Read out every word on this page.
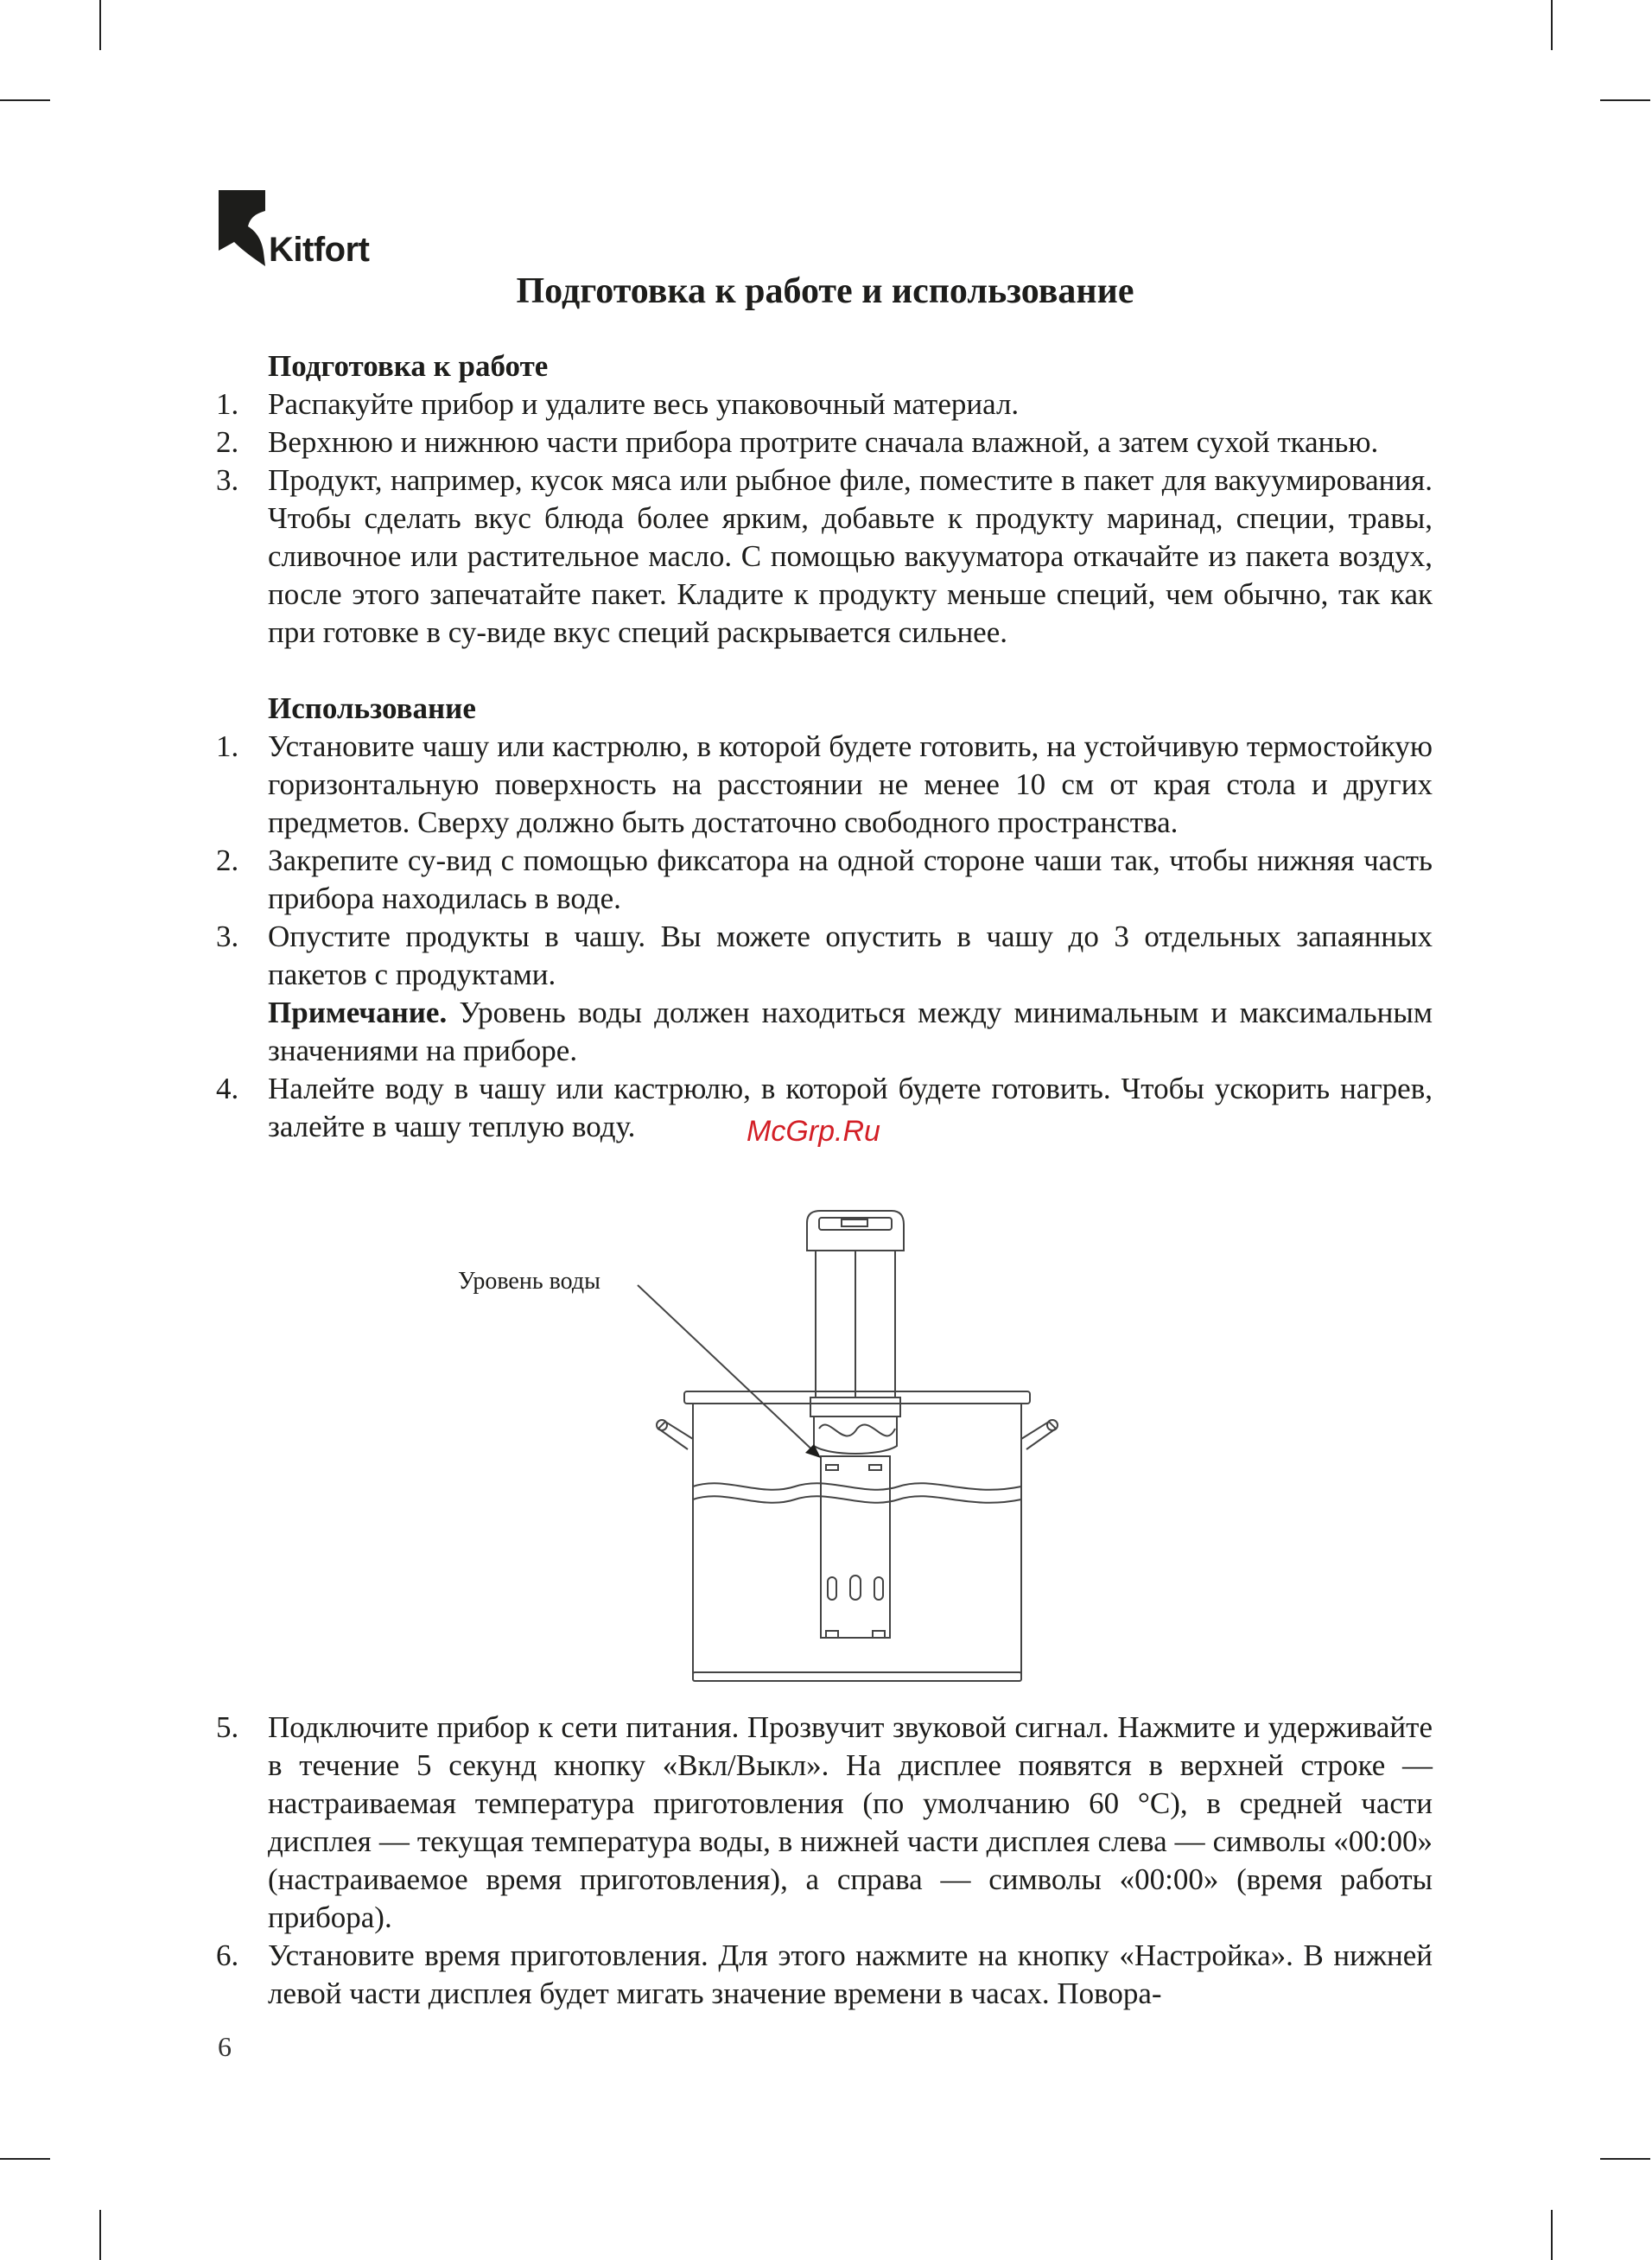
Kitfort
Подготовка к работе и использование
Подготовка к работе
1. Распакуйте прибор и удалите весь упаковочный материал.
2. Верхнюю и нижнюю части прибора протрите сначала влажной, а затем сухой тканью.
3. Продукт, например, кусок мяса или рыбное филе, поместите в пакет для вакуумирования. Чтобы сделать вкус блюда более ярким, добавьте к продукту маринад, специи, травы, сливочное или растительное масло. С помощью вакууматора откачайте из пакета воздух, после этого запечатайте пакет. Кладите к продукту меньше специй, чем обычно, так как при готовке в су-виде вкус специй раскрывается сильнее.
Использование
1. Установите чашу или кастрюлю, в которой будете готовить, на устойчивую термостойкую горизонтальную поверхность на расстоянии не менее 10 см от края стола и других предметов. Сверху должно быть достаточно свободного пространства.
2. Закрепите су-вид с помощью фиксатора на одной стороне чаши так, чтобы нижняя часть прибора находилась в воде.
3. Опустите продукты в чашу. Вы можете опустить в чашу до 3 отдельных запаянных пакетов с продуктами.
Примечание. Уровень воды должен находиться между минимальным и максимальным значениями на приборе.
4. Налейте воду в чашу или кастрюлю, в которой будете готовить. Чтобы ускорить нагрев, залейте в чашу теплую воду.	McGrp.Ru
Уровень воды
5. Подключите прибор к сети питания. Прозвучит звуковой сигнал. Нажмите и удерживайте в течение 5 секунд кнопку «Вкл/Выкл». На дисплее появятся в верхней строке — настраиваемая температура приготовления (по умолчанию 60 °C), в средней части дисплея — текущая температура воды, в нижней части дисплея слева — символы «00:00» (настраиваемое время приготовления), а справа — символы «00:00» (время работы прибора).
6. Установите время приготовления. Для этого нажмите на кнопку «Настройка». В нижней левой части дисплея будет мигать значение времени в часах. Повора-
6
